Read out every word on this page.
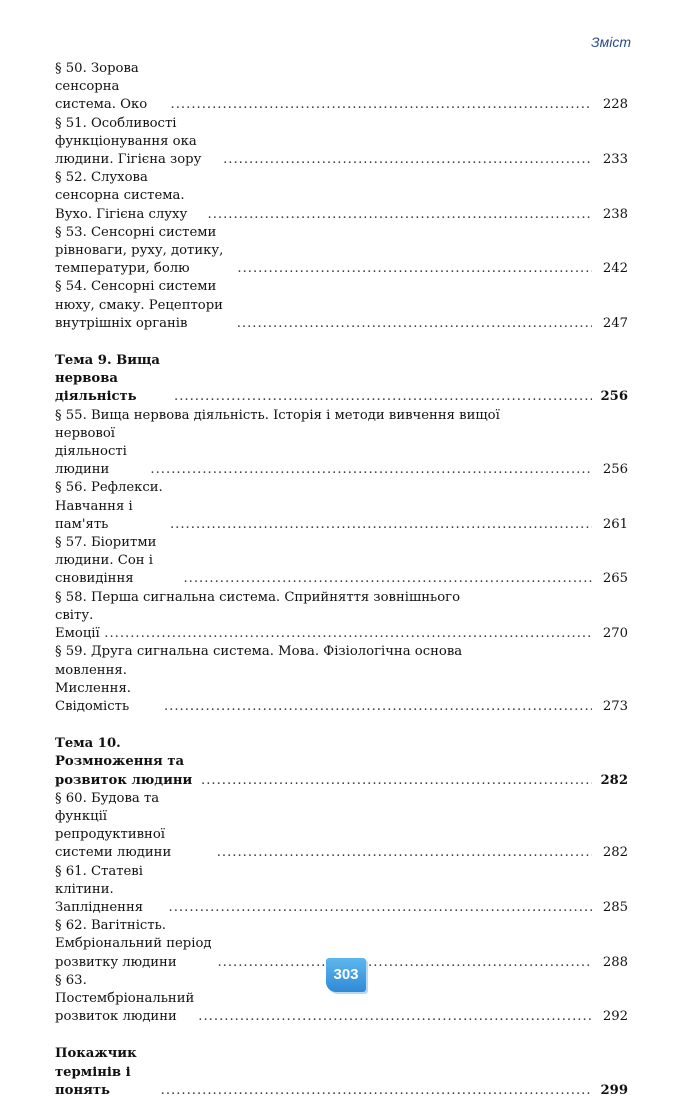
Зміст
§ 50. Зорова сенсорна система. Око .....	228
§ 51. Особливості функціонування ока людини. Гігієна зору .....	233
§ 52. Слухова сенсорна система. Вухо. Гігієна слуху .....	238
§ 53. Сенсорні системи рівноваги, руху, дотику, температури, болю .....	242
§ 54. Сенсорні системи нюху, смаку. Рецептори внутрішніх органів .....	247
Тема 9. Вища нервова діяльність .....	256
§ 55. Вища нервова діяльність. Історія і методи вивчення вищої
нервової діяльності людини .....	256
§ 56. Рефлекси. Навчання і пам'ять .....	261
§ 57. Біоритми людини. Сон і сновидіння .....	265
§ 58. Перша сигнальна система. Сприйняття зовнішнього
світу. Емоції .....	270
§ 59. Друга сигнальна система. Мова. Фізіологічна основа
мовлення. Мислення. Свідомість .....	273
Тема 10. Розмноження та розвиток людини .....	282
§ 60. Будова та функції репродуктивної системи людини .....	282
§ 61. Статеві клітини. Запліднення .....	285
§ 62. Вагітність. Ембріональний період розвитку людини .....	288
§ 63. Постембріональний розвиток людини .....	292
Покажчик термінів і понять .....	299
303
